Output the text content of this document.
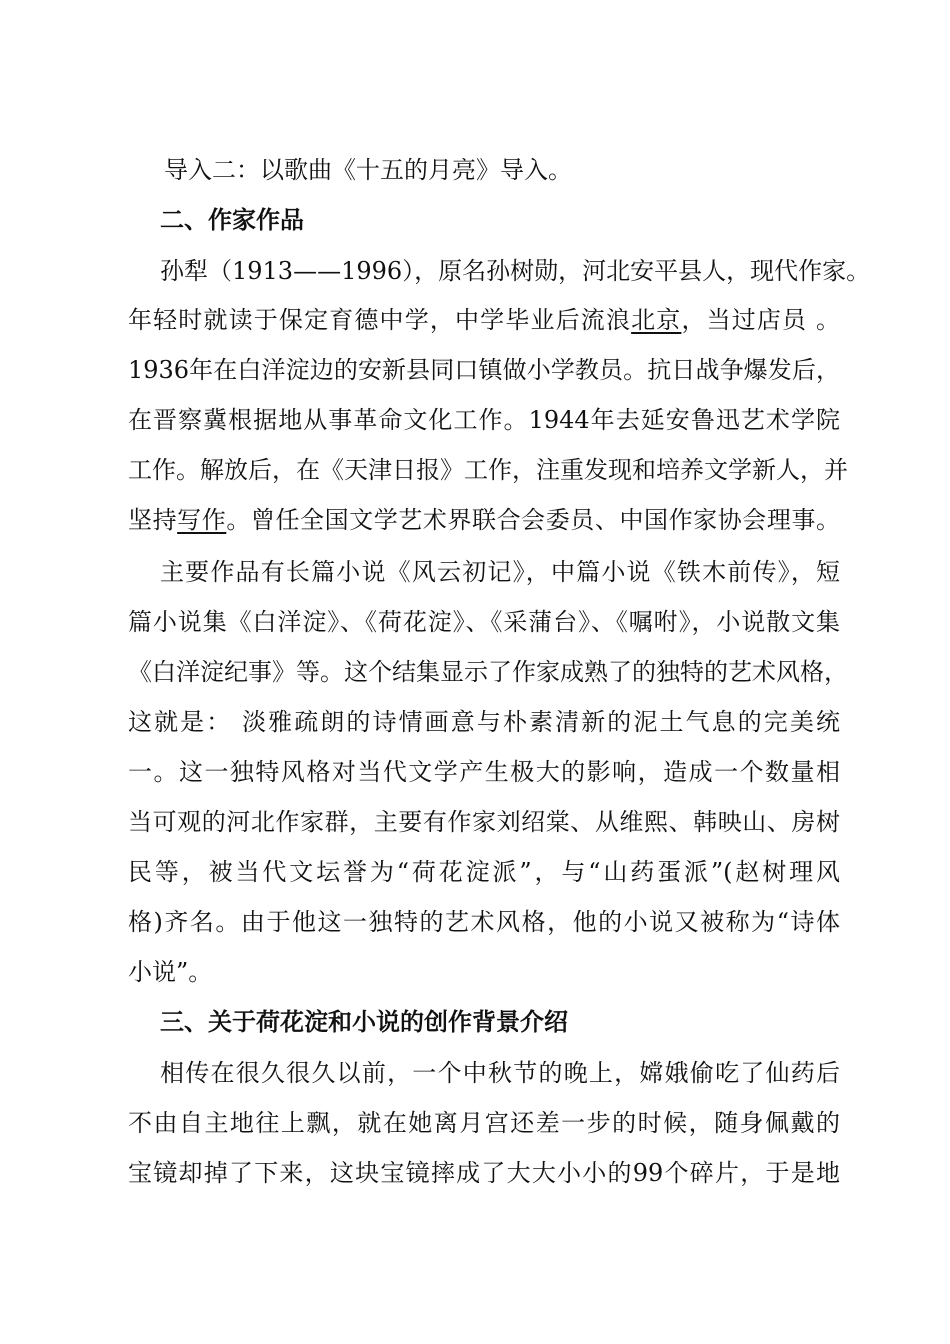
导入二：以歌曲《十五的月亮》导入。
二、作家作品
孙犁（1913——1996），原名孙树勋，河北安平县人，现代作家。
年轻时就读于保定育德中学，中学毕业后流浪北京，当过店员 。
1936年在白洋淀边的安新县同口镇做小学教员。抗日战争爆发后，
在晋察冀根据地从事革命文化工作。1944年去延安鲁迅艺术学院
工作。解放后，在《天津日报》工作，注重发现和培养文学新人，并
坚持写作。曾任全国文学艺术界联合会委员、中国作家协会理事。
主要作品有长篇小说《风云初记》，中篇小说《铁木前传》，短
篇小说集《白洋淀》、《荷花淀》、《采蒲台》、《嘱咐》，小说散文集
《白洋淀纪事》等。这个结集显示了作家成熟了的独特的艺术风格，
这就是： 淡雅疏朗的诗情画意与朴素清新的泥土气息的完美统
一。这一独特风格对当代文学产生极大的影响，造成一个数量相
当可观的河北作家群，主要有作家刘绍棠、从维熙、韩映山、房树
民等，被当代文坛誉为“荷花淀派”，与“山药蛋派”(赵树理风
格)齐名。由于他这一独特的艺术风格，他的小说又被称为“诗体
小说”。
三、关于荷花淀和小说的创作背景介绍
相传在很久很久以前，一个中秋节的晚上，嫦娥偷吃了仙药后
不由自主地往上飘，就在她离月宫还差一步的时候，随身佩戴的
宝镜却掉了下来，这块宝镜摔成了大大小小的99个碎片，于是地
